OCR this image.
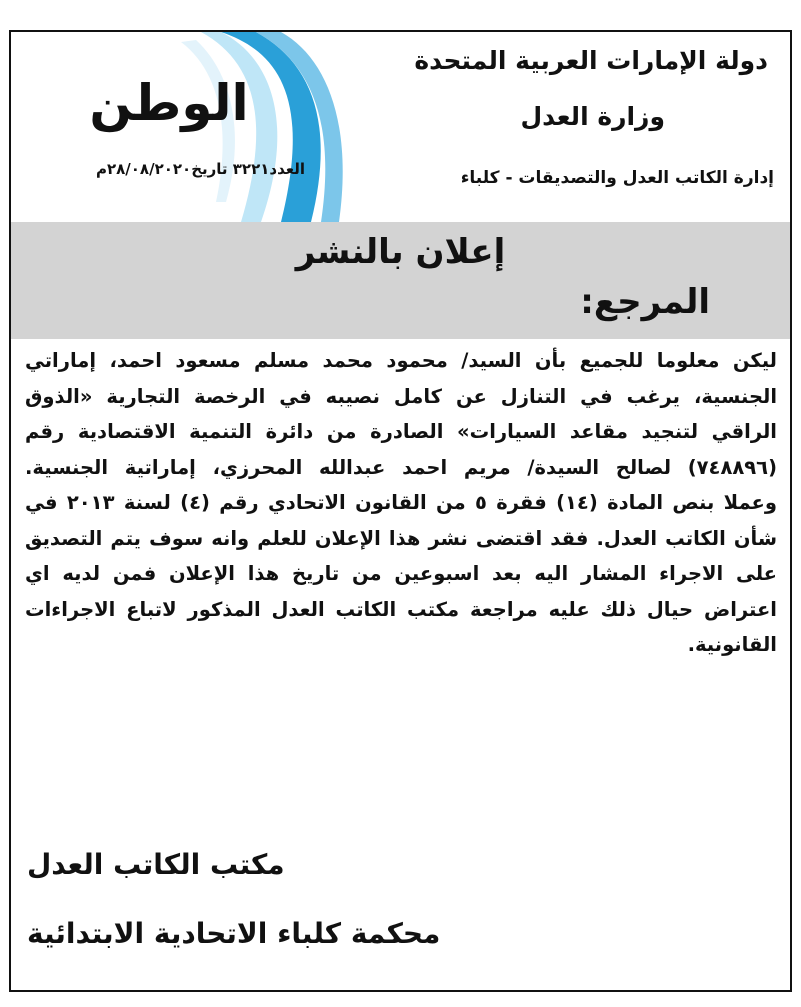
الوطن
العدد٣٢٢١ تاريخ٢٨/٠٨/٢٠٢٠م
دولة الإمارات العربية المتحدة
وزارة العدل
إدارة الكاتب العدل والتصديقات - كلباء
إعلان بالنشر
المرجع:

ليكن معلوما للجميع بأن السيد/ محمود محمد مسلم مسعود احمد، إماراتي الجنسية، يرغب في التنازل عن كامل نصيبه في الرخصة التجارية «الذوق الراقي لتنجيد مقاعد السيارات» الصادرة من دائرة التنمية الاقتصادية رقم (٧٤٨٨٩٦) لصالح السيدة/ مريم احمد عبدالله المحرزي، إماراتية الجنسية.

وعملا بنص المادة (١٤) فقرة ٥ من القانون الاتحادي رقم (٤) لسنة ٢٠١٣ في شأن الكاتب العدل. فقد اقتضى نشر هذا الإعلان للعلم وانه سوف يتم التصديق على الاجراء المشار اليه بعد اسبوعين من تاريخ هذا الإعلان فمن لديه اي اعتراض حيال ذلك عليه مراجعة مكتب الكاتب العدل المذكور لاتباع الاجراءات القانونية.

مكتب الكاتب العدل
محكمة كلباء الاتحادية الابتدائية
